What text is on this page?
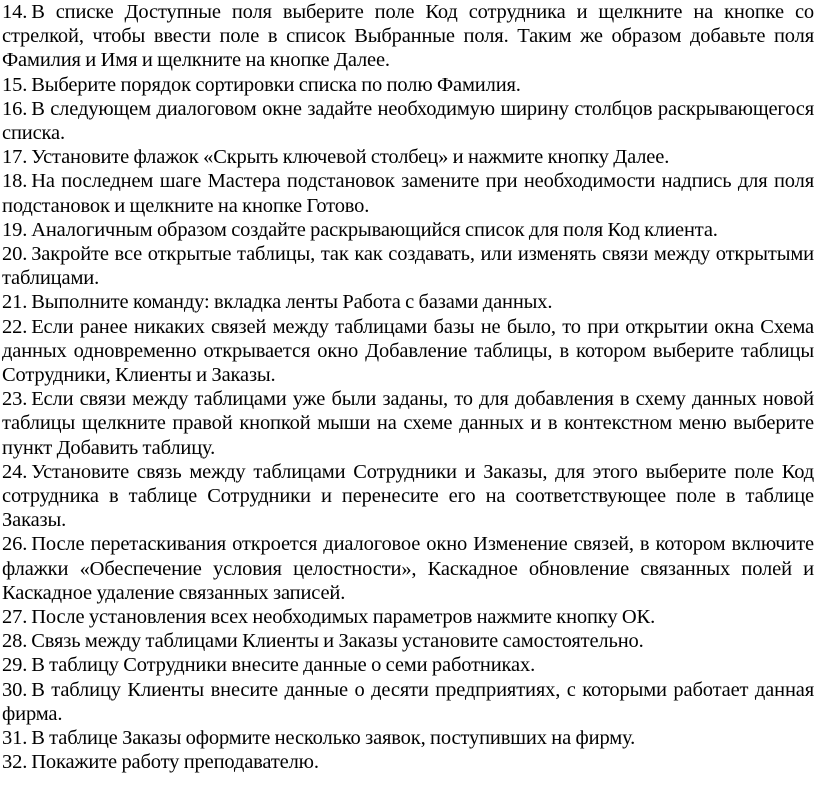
14. В списке Доступные поля выберите поле Код сотрудника и щелкните на кнопке со стрелкой, чтобы ввести поле в список Выбранные поля. Таким же образом добавьте поля Фамилия и Имя и щелкните на кнопке Далее.

15. Выберите порядок сортировки списка по полю Фамилия.

16. В следующем диалоговом окне задайте необходимую ширину столбцов раскрывающегося списка.

17. Установите флажок «Скрыть ключевой столбец» и нажмите кнопку Далее.

18. На последнем шаге Мастера подстановок замените при необходимости надпись для поля подстановок и щелкните на кнопке Готово.

19. Аналогичным образом создайте раскрывающийся список для поля Код клиента.

20. Закройте все открытые таблицы, так как создавать, или изменять связи между открытыми таблицами.

21. Выполните команду: вкладка ленты Работа с базами данных.

22. Если ранее никаких связей между таблицами базы не было, то при открытии окна Схема данных одновременно открывается окно Добавление таблицы, в котором выберите таблицы Сотрудники, Клиенты и Заказы.

23. Если связи между таблицами уже были заданы, то для добавления в схему данных новой таблицы щелкните правой кнопкой мыши на схеме данных и в контекстном меню выберите пункт Добавить таблицу.

24. Установите связь между таблицами Сотрудники и Заказы, для этого выберите поле Код сотрудника в таблице Сотрудники и перенесите его на соответствующее поле в таблице Заказы.

26. После перетаскивания откроется диалоговое окно Изменение связей, в котором включите флажки «Обеспечение условия целостности», Каскадное обновление связанных полей и Каскадное удаление связанных записей.

27. После установления всех необходимых параметров нажмите кнопку ОК.

28. Связь между таблицами Клиенты и Заказы установите самостоятельно.

29. В таблицу Сотрудники внесите данные о семи работниках.

30. В таблицу Клиенты внесите данные о десяти предприятиях, с которыми работает данная фирма.

31. В таблице Заказы оформите несколько заявок, поступивших на фирму.

32. Покажите работу преподавателю.
